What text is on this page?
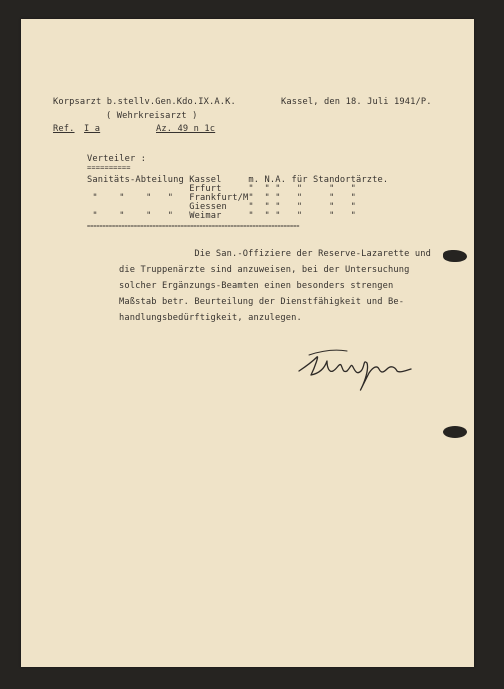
Korpsarzt b.stellv.Gen.Kdo.IX.A.K.	Kassel, den 18. Juli 1941/P.
( Wehrkreisarzt )
Ref. I a	Az. 49 n 1c
Verteiler :
==========
Sanitäts-Abteilung Kassel     m. N.A. für Standortärzte.
Erfurt     "  " "   "     "   "
"    "    "   "   Frankfurt/M"  " "   "     "   "
Giessen    "  " "   "     "   "
"    "    "   "   Weimar     "  " "   "     "   "
====================================================================
Die San.-Offiziere der Reserve-Lazarette und
die Truppenärzte sind anzuweisen, bei der Untersuchung
solcher Ergänzungs-Beamten einen besonders strengen
Maßstab betr. Beurteilung der Dienstfähigkeit und Be-
handlungsbedürftigkeit, anzulegen.
